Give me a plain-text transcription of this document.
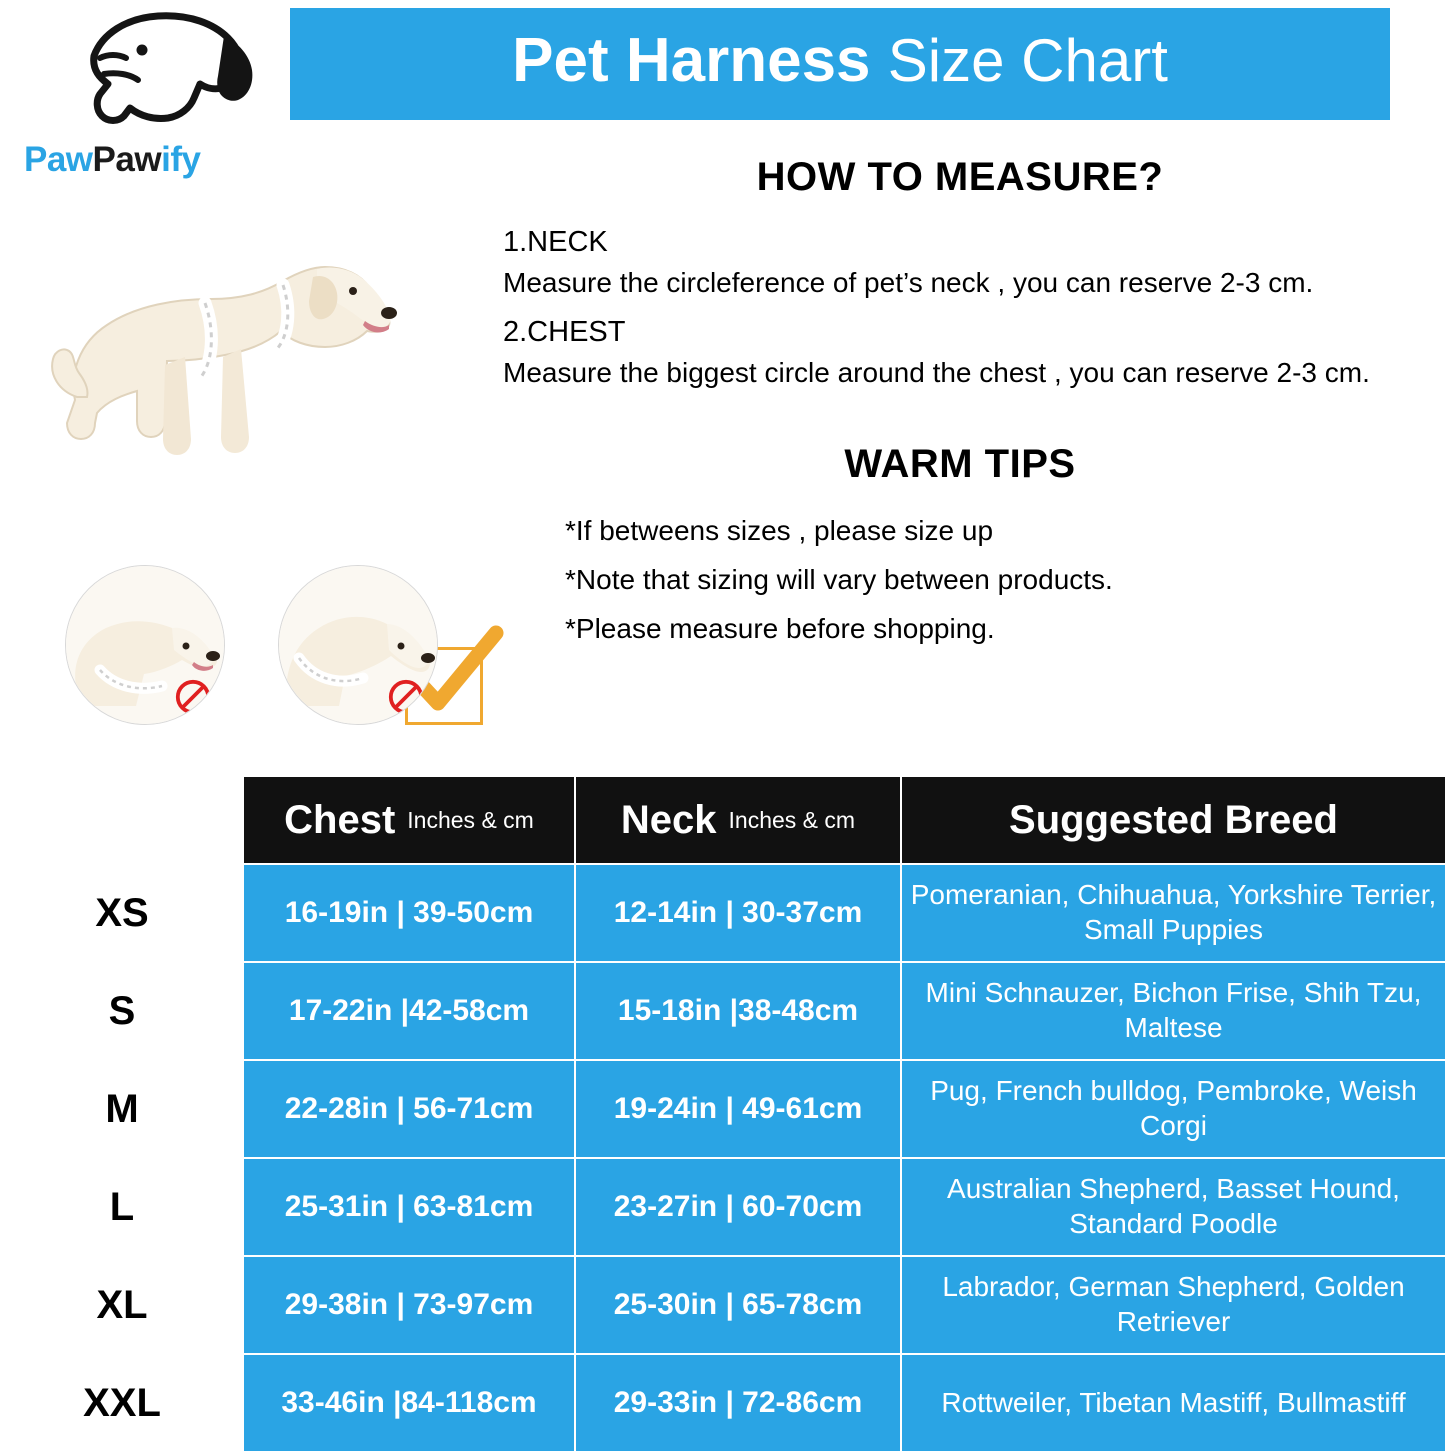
Pet Harness Size Chart
PawPawify	HOW TO MEASURE?
1.NECK
Measure the circleference of pet’s neck , you can reserve 2-3 cm.
2.CHEST
Measure the biggest circle around the chest , you can reserve 2-3 cm.
WARM TIPS
*If betweens sizes , please size up
*Note that sizing will vary between products.
*Please measure before shopping.
	Chest Inches & cm	Neck Inches & cm	Suggested Breed
XS	16-19in | 39-50cm	12-14in | 30-37cm	Pomeranian, Chihuahua, Yorkshire Terrier, Small Puppies
S	17-22in |42-58cm	15-18in |38-48cm	Mini Schnauzer, Bichon Frise, Shih Tzu, Maltese
M	22-28in | 56-71cm	19-24in | 49-61cm	Pug, French bulldog, Pembroke, Weish Corgi
L	25-31in | 63-81cm	23-27in | 60-70cm	Australian Shepherd, Basset Hound, Standard Poodle
XL	29-38in | 73-97cm	25-30in | 65-78cm	Labrador, German Shepherd, Golden Retriever
XXL	33-46in |84-118cm	29-33in | 72-86cm	Rottweiler, Tibetan Mastiff, Bullmastiff
